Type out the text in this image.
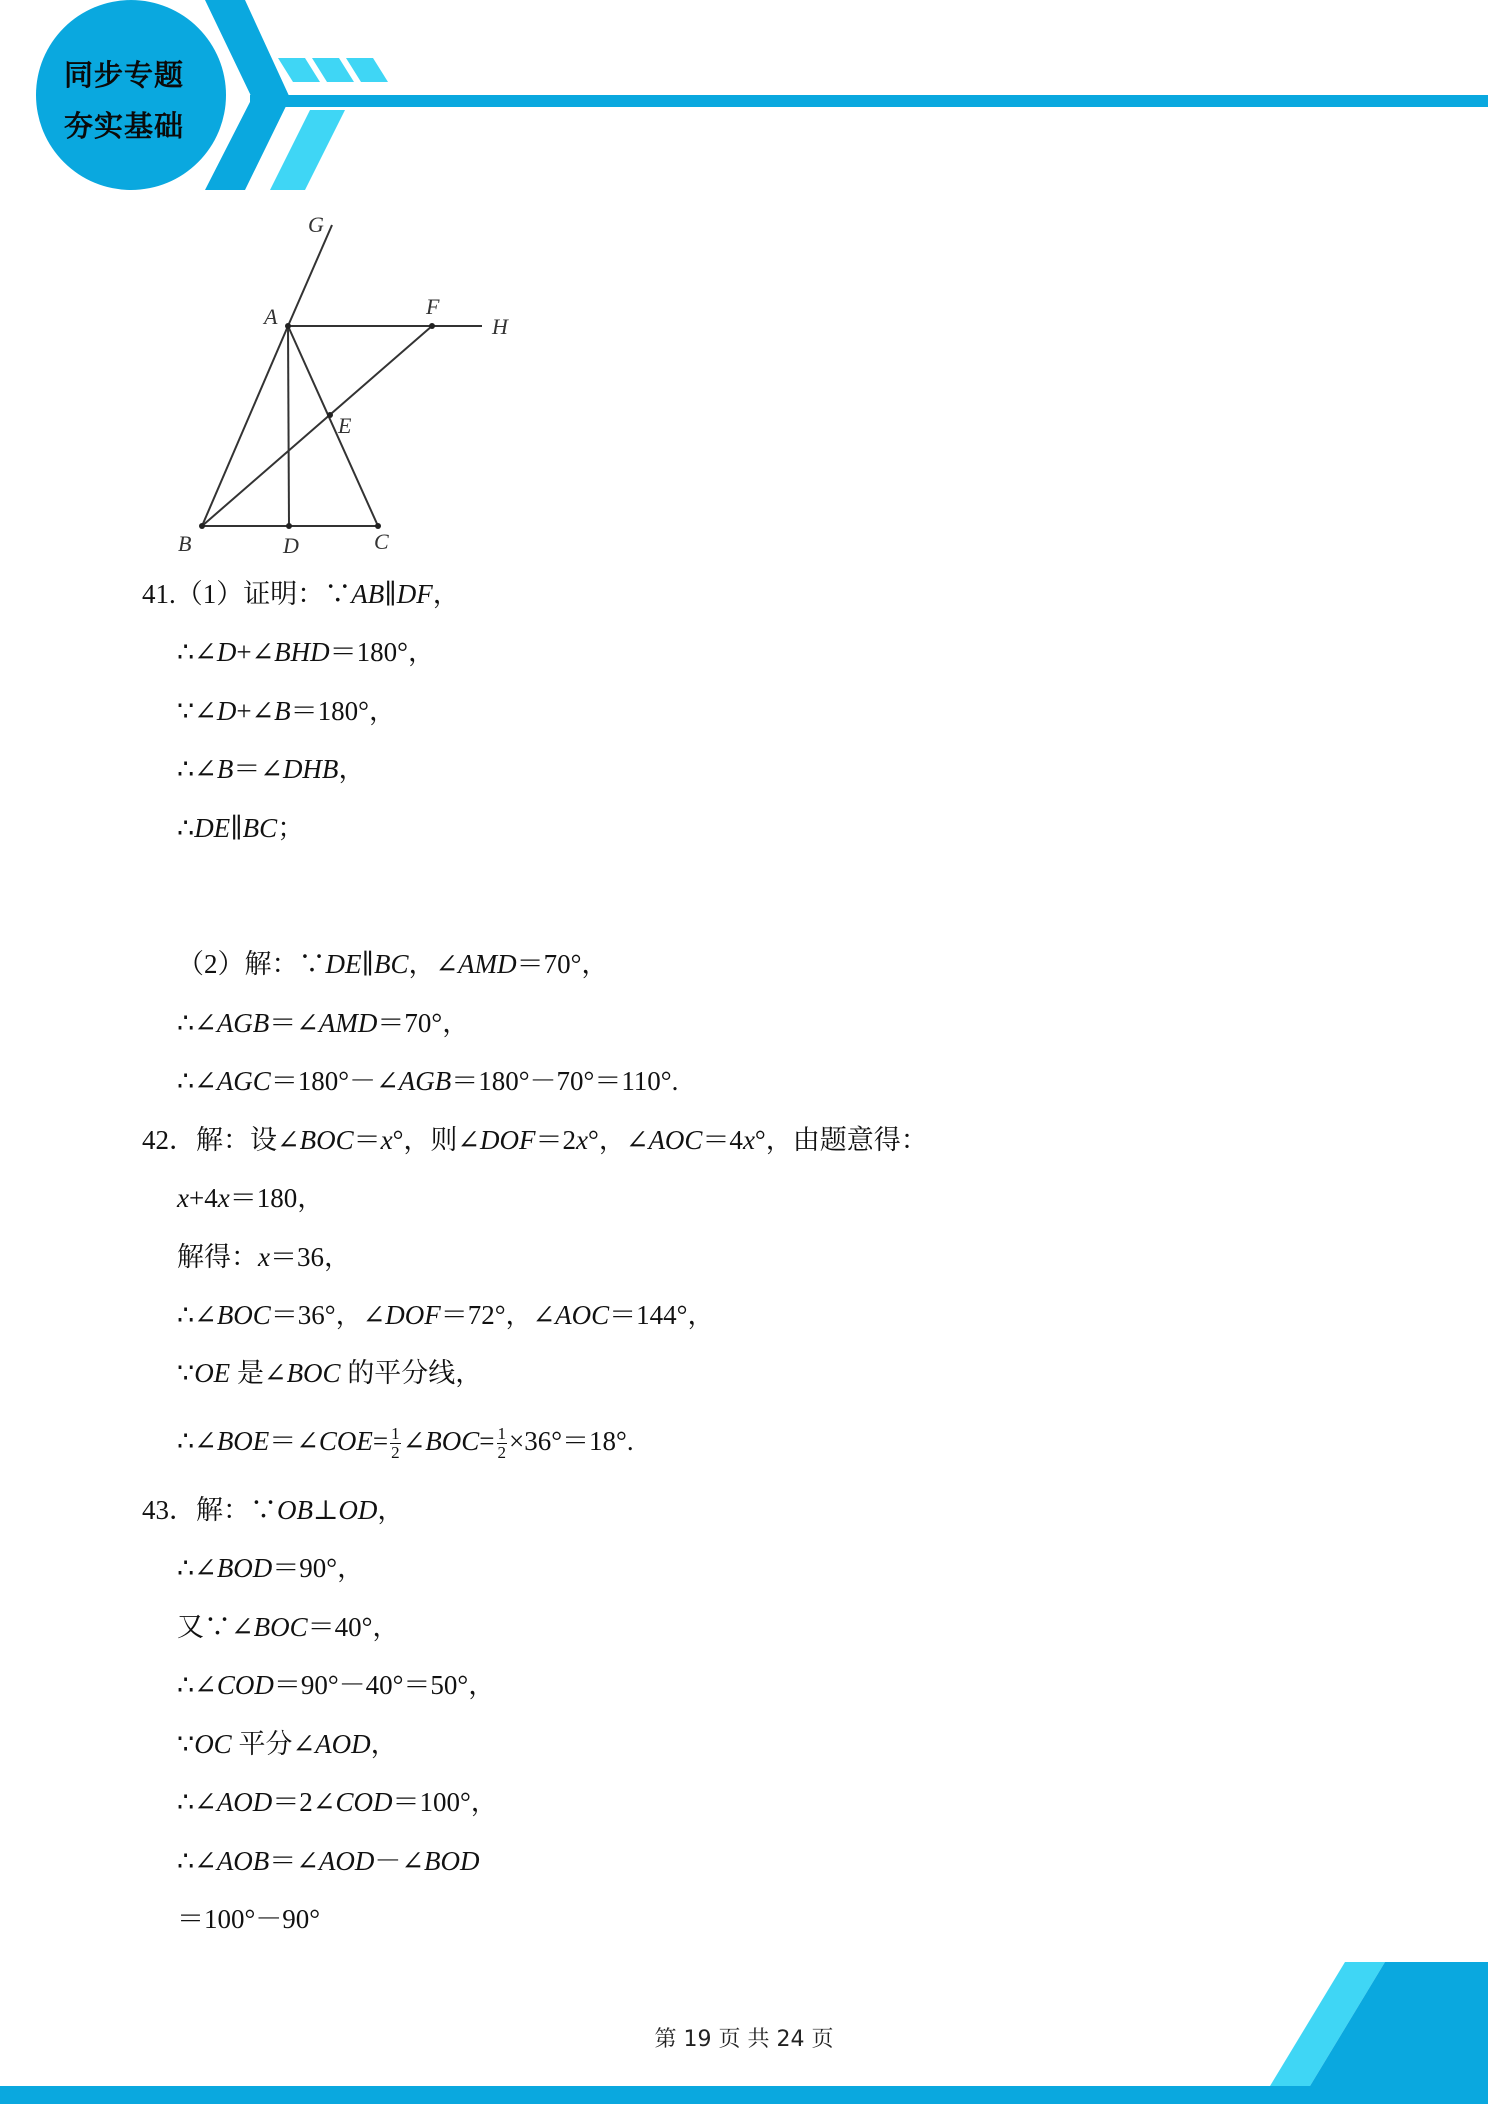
同步专题
夯实基础
G
A	F
H
E
B	D	C
41.（1）证明：∵AB∥DF，
∴∠D+∠BHD＝180°，
∵∠D+∠B＝180°，
∴∠B＝∠DHB，
∴DE∥BC；
（2）解：∵DE∥BC，∠AMD＝70°，
∴∠AGB＝∠AMD＝70°，
∴∠AGC＝180°－∠AGB＝180°－70°＝110°.
42．解：设∠BOC＝x°，则∠DOF＝2x°，∠AOC＝4x°，由题意得：
x+4x＝180，
解得：x＝36，
∴∠BOC＝36°，∠DOF＝72°，∠AOC＝144°，
∵OE 是∠BOC 的平分线，
∴∠BOE＝∠COE= $\frac{1}{2}$ ∠BOC= $\frac{1}{2} \times 36^\circ=18^\circ$.
43．解：∵OB⊥OD，
∴∠BOD＝90°，
又∵∠BOC＝40°，
∴∠COD＝90°－40°＝50°，
∵OC 平分∠AOD，
∴∠AOD＝2∠COD＝100°，
∴∠AOB＝∠AOD－∠BOD
＝100°－90°
第 19 页 共 24 页
